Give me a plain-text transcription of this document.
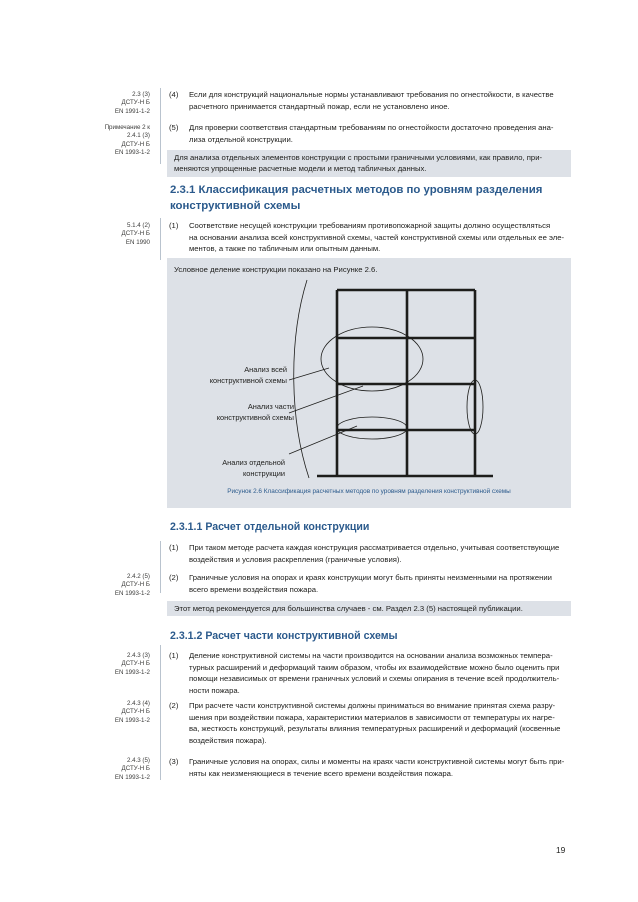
2.3 (3)
ДСТУ-Н Б
EN 1991-1-2
Примечание 2 к
2.4.1 (3)
ДСТУ-Н Б
EN 1993-1-2
5.1.4 (2)
ДСТУ-Н Б
EN 1990
2.4.2 (5)
ДСТУ-Н Б
EN 1993-1-2
2.4.3 (3)
ДСТУ-Н Б
EN 1993-1-2
2.4.3 (4)
ДСТУ-Н Б
EN 1993-1-2
2.4.3 (5)
ДСТУ-Н Б
EN 1993-1-2
(4) Если для конструкций национальные нормы устанавливают требования по огнестойкости, в качестве
расчетного принимается стандартный пожар, если не установлено иное.
(5) Для проверки соответствия стандартным требованиям по огнестойкости достаточно проведения ана-
лиза отдельной конструкции.
Для анализа отдельных элементов конструкции с простыми граничными условиями, как правило, при-
меняются упрощенные расчетные модели и метод табличных данных.
2.3.1 Классификация расчетных методов по уровням разделения
конструктивной схемы
(1) Соответствие несущей конструкции требованиям противопожарной защиты должно осуществляться
на основании анализа всей конструктивной схемы, частей конструктивной схемы или отдельных ее эле-
ментов, а также по табличным или опытным данным.
Условное деление конструкции показано на Рисунке 2.6.
Анализ всей
конструктивной схемы
Анализ части
конструктивной схемы
Анализ отдельной
конструкции
Рисунок 2.6 Классификация расчетных методов по уровням разделения конструктивной схемы
2.3.1.1 Расчет отдельной конструкции
(1) При таком методе расчета каждая конструкция рассматривается отдельно, учитывая соответствующие
воздействия и условия раскрепления (граничные условия).
(2) Граничные условия на опорах и краях конструкции могут быть приняты неизменными на протяжении
всего времени воздействия пожара.
Этот метод рекомендуется для большинства случаев - см. Раздел 2.3 (5) настоящей публикации.
2.3.1.2 Расчет части конструктивной схемы
(1) Деление конструктивной системы на части производится на основании анализа возможных темпера-
турных расширений и деформаций таким образом, чтобы их взаимодействие можно было оценить при
помощи независимых от времени граничных условий и схемы опирания в течение всей продолжитель-
ности пожара.
(2) При расчете части конструктивной системы должны приниматься во внимание принятая схема разру-
шения при воздействии пожара, характеристики материалов в зависимости от температуры их нагре-
ва, жесткость конструкций, результаты влияния температурных расширений и деформаций (косвенные
воздействия пожара).
(3) Граничные условия на опорах, силы и моменты на краях части конструктивной системы могут быть при-
няты как неизменяющиеся в течение всего времени воздействия пожара.
19
